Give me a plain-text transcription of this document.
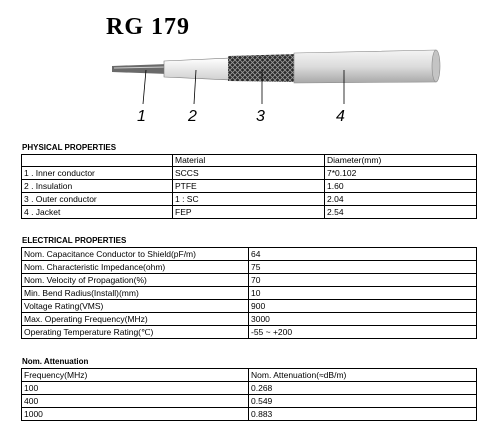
RG 179
1	2	3	4
PHYSICAL PROPERTIES
	Material	Diameter(mm)
1 . Inner conductor	SCCS	7*0.102
2 . Insulation	PTFE	1.60
3 . Outer conductor	1 : SC	2.04
4 . Jacket	FEP	2.54
ELECTRICAL PROPERTIES
Nom. Capacitance Conductor to Shield(pF/m)	64
Nom. Characteristic Impedance(ohm)	75
Nom. Velocity of Propagation(%)	70
Min. Bend Radius(Install)(mm)	10
Voltage Rating(VMS)	900
Max. Operating Frequency(MHz)	3000
Operating Temperature Rating(℃)	-55 ~ +200
Nom. Attenuation
Frequency(MHz)	Nom. Attenuation(≈dB/m)
100	0.268
400	0.549
1000	0.883
